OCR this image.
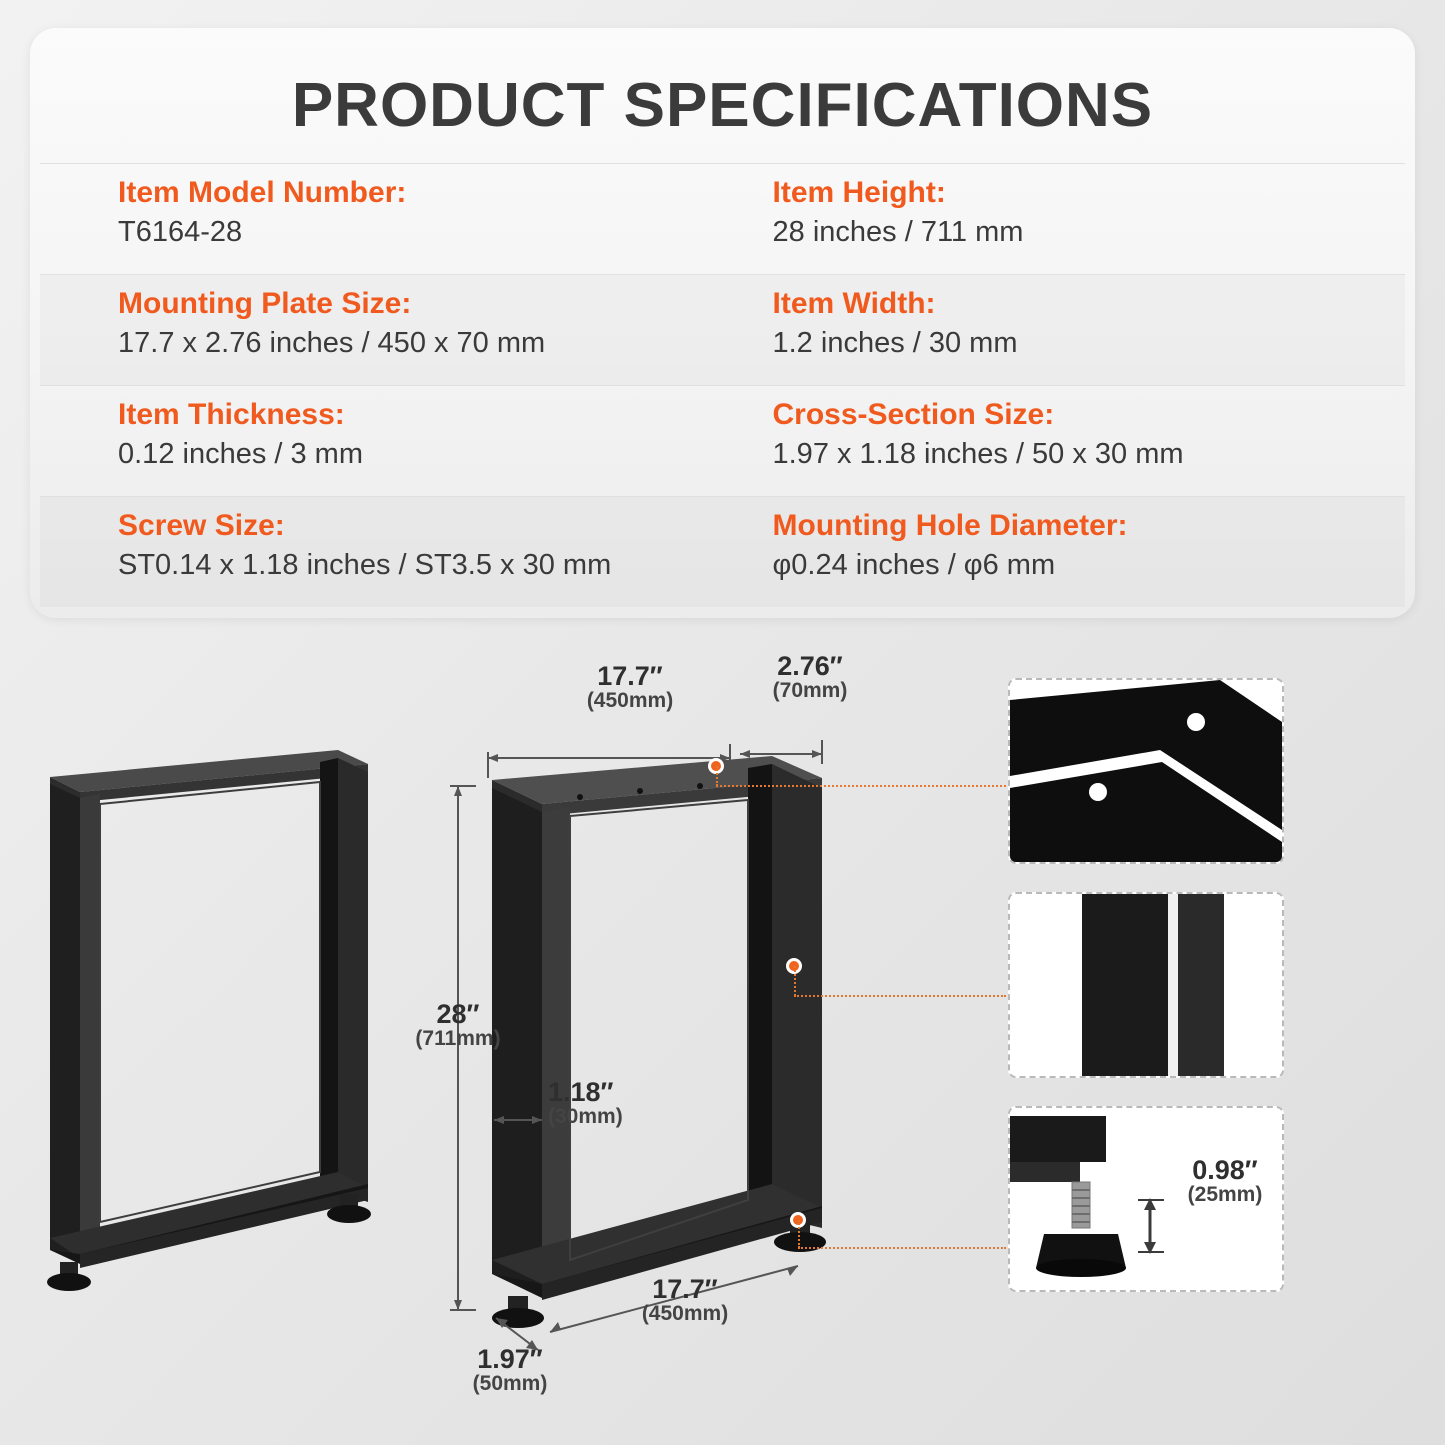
PRODUCT SPECIFICATIONS
Item Model Number:
T6164-28
Item Height:
28 inches / 711 mm
Mounting Plate Size:
17.7 x 2.76 inches / 450 x 70 mm
Item Width:
1.2 inches / 30 mm
Item Thickness:
0.12 inches / 3 mm
Cross-Section Size:
1.97 x 1.18 inches / 50 x 30 mm
Screw Size:
ST0.14 x 1.18 inches / ST3.5 x 30 mm
Mounting Hole Diameter:
φ0.24 inches / φ6 mm
17.7″
(450mm)
2.76″
(70mm)
28″
(711mm)
1.18″
(30mm)
17.7″
(450mm)
1.97″
(50mm)
0.98″
(25mm)
